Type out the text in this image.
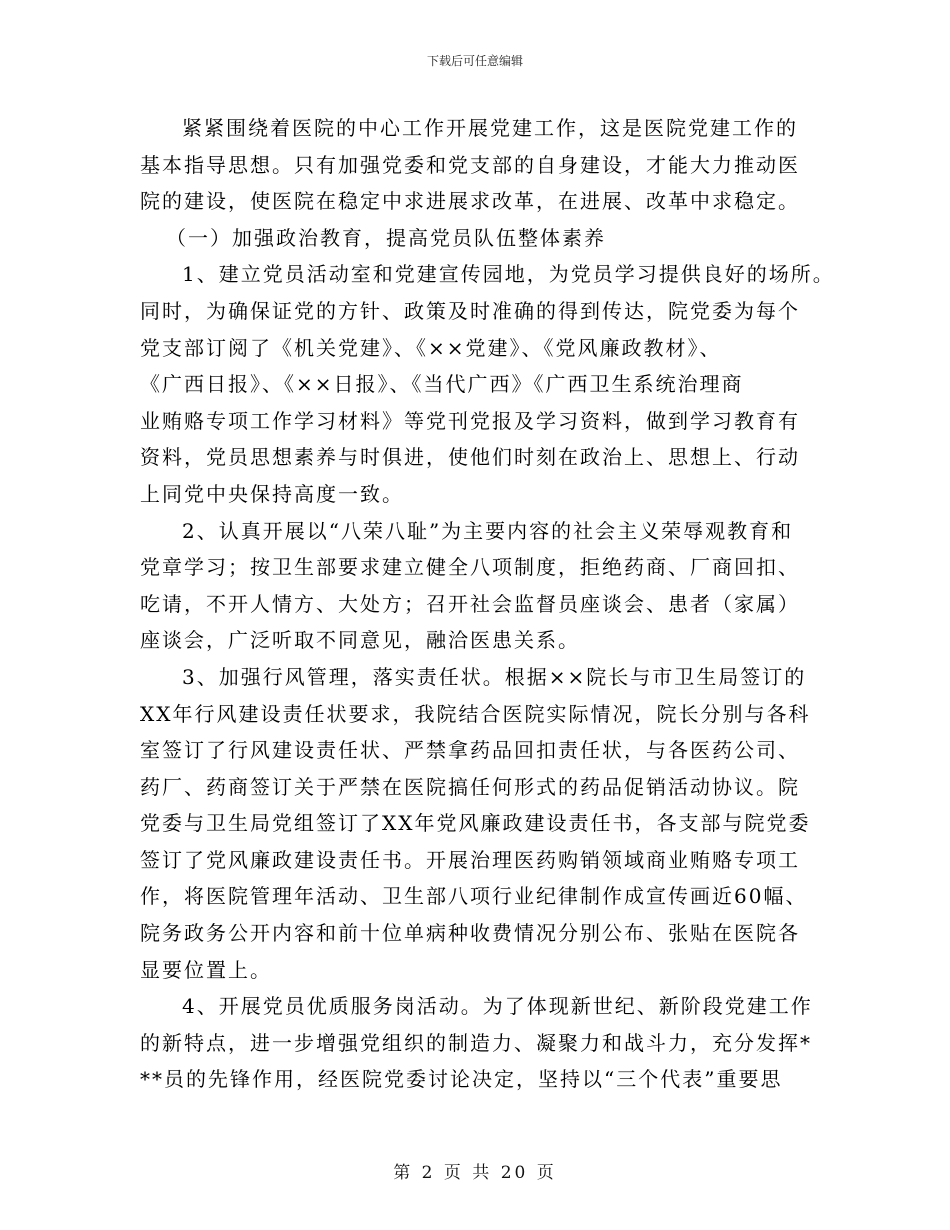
下载后可任意编辑
紧紧围绕着医院的中心工作开展党建工作，这是医院党建工作的
基本指导思想。只有加强党委和党支部的自身建设，才能大力推动医
院的建设，使医院在稳定中求进展求改革，在进展、改革中求稳定。
（一）加强政治教育，提高党员队伍整体素养
1、建立党员活动室和党建宣传园地，为党员学习提供良好的场所。
同时，为确保证党的方针、政策及时准确的得到传达，院党委为每个
党支部订阅了《机关党建》、《××党建》、《党风廉政教材》、
《广西日报》、《××日报》、《当代广西》《广西卫生系统治理商
业贿赂专项工作学习材料》等党刊党报及学习资料，做到学习教育有
资料，党员思想素养与时俱进，使他们时刻在政治上、思想上、行动
上同党中央保持高度一致。
2、认真开展以“八荣八耻”为主要内容的社会主义荣辱观教育和
党章学习；按卫生部要求建立健全八项制度，拒绝药商、厂商回扣、
吃请，不开人情方、大处方；召开社会监督员座谈会、患者（家属）
座谈会，广泛听取不同意见，融洽医患关系。
3、加强行风管理，落实责任状。根据××院长与市卫生局签订的
XX年行风建设责任状要求，我院结合医院实际情况，院长分别与各科
室签订了行风建设责任状、严禁拿药品回扣责任状，与各医药公司、
药厂、药商签订关于严禁在医院搞任何形式的药品促销活动协议。院
党委与卫生局党组签订了XX年党风廉政建设责任书，各支部与院党委
签订了党风廉政建设责任书。开展治理医药购销领域商业贿赂专项工
作，将医院管理年活动、卫生部八项行业纪律制作成宣传画近60幅、
院务政务公开内容和前十位单病种收费情况分别公布、张贴在医院各
显要位置上。
4、开展党员优质服务岗活动。为了体现新世纪、新阶段党建工作
的新特点，进一步增强党组织的制造力、凝聚力和战斗力，充分发挥*
**员的先锋作用，经医院党委讨论决定，坚持以“三个代表”重要思
第 2 页 共 20 页
